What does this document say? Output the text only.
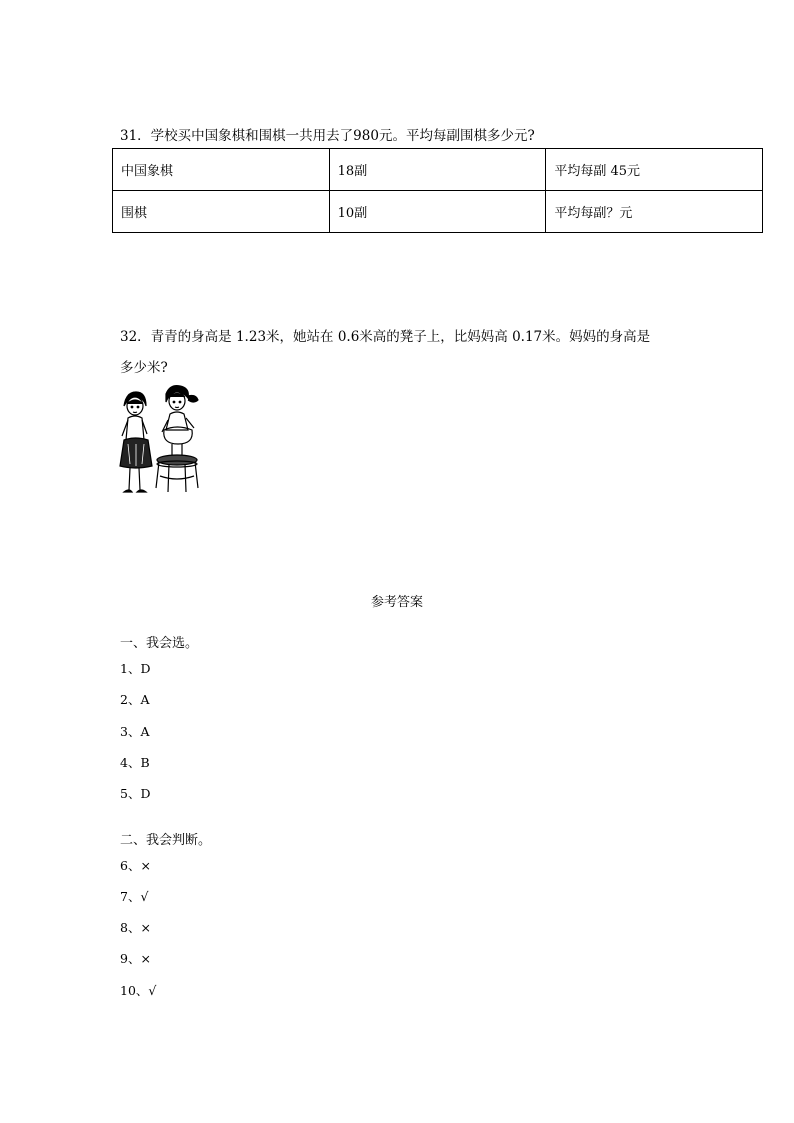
31．学校买中国象棋和围棋一共用去了980元。平均每副围棋多少元?
中国象棋	18副	平均每副 45元
围棋	10副	平均每副？元
32．青青的身高是 1.23米，她站在 0.6米高的凳子上，比妈妈高 0.17米。妈妈的身高是
多少米?
参考答案
一、我会选。
1、D
2、A
3、A
4、B
5、D
二、我会判断。
6、×
7、√
8、×
9、×
10、√
